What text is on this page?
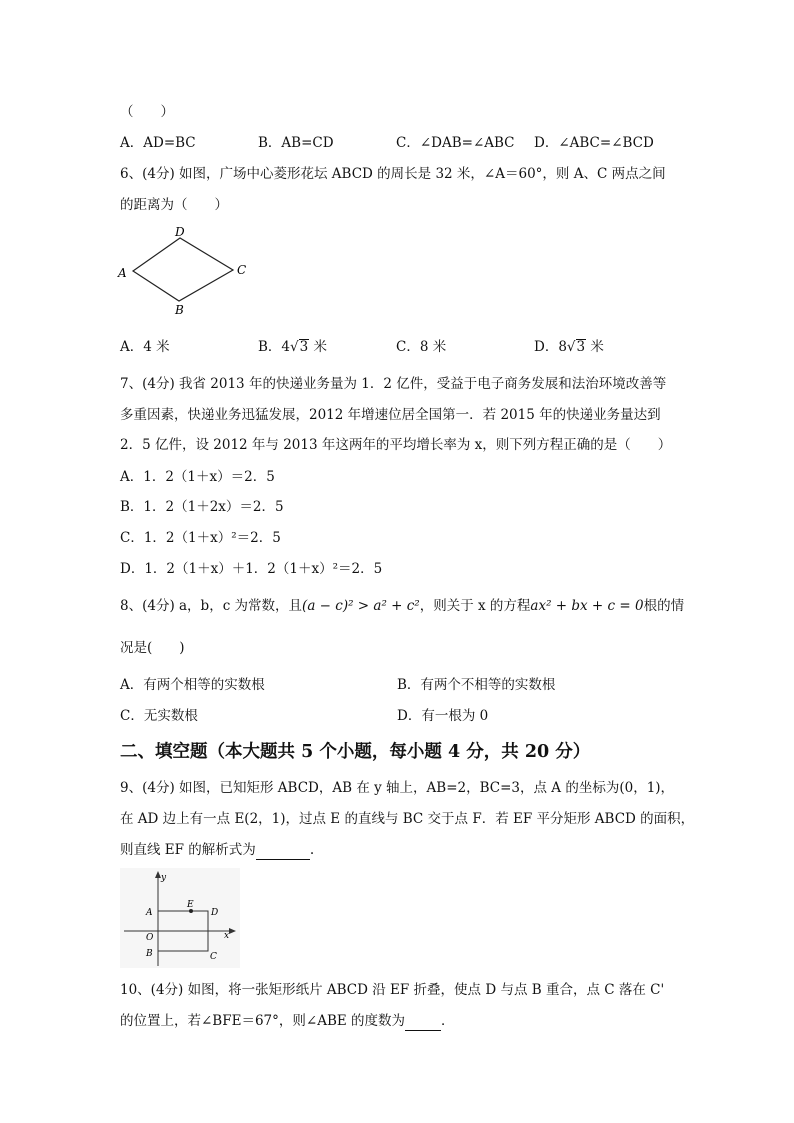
（　　）
A．AD=BC	B．AB=CD	C．∠DAB=∠ABC D．∠ABC=∠BCD
6、(4分) 如图，广场中心菱形花坛 ABCD 的周长是 32 米，∠A＝60°，则 A、C 两点之间
的距离为（　　）
D
A	C
B
A．4 米	B．4√3 米	C．8 米	D．8√3 米
7、(4分) 我省 2013 年的快递业务量为 1．2 亿件，受益于电子商务发展和法治环境改善等
多重因素，快递业务迅猛发展，2012 年增速位居全国第一．若 2015 年的快递业务量达到
2．5 亿件，设 2012 年与 2013 年这两年的平均增长率为 x，则下列方程正确的是（　　）
A．1．2（1＋x）＝2．5
B．1．2（1＋2x）＝2．5
C．1．2（1＋x）²＝2．5
D．1．2（1＋x）＋1．2（1＋x）²＝2．5
8、(4分) a，b，c 为常数，且(a − c)² > a² + c²，则关于 x 的方程ax² + bx + c = 0根的情
况是(　　)
A．有两个相等的实数根	B．有两个不相等的实数根
C．无实数根	D．有一根为 0
二、填空题（本大题共 5 个小题，每小题 4 分，共 20 分）
9、(4分) 如图，已知矩形 ABCD，AB 在 y 轴上，AB=2，BC=3，点 A 的坐标为(0，1)，
在 AD 边上有一点 E(2，1)，过点 E 的直线与 BC 交于点 F．若 EF 平分矩形 ABCD 的面积，
则直线 EF 的解析式为	.
y
x
A
E
D
O
B	C
10、(4分) 如图，将一张矩形纸片 ABCD 沿 EF 折叠，使点 D 与点 B 重合，点 C 落在 C'
的位置上，若∠BFE＝67°，则∠ABE 的度数为	．
